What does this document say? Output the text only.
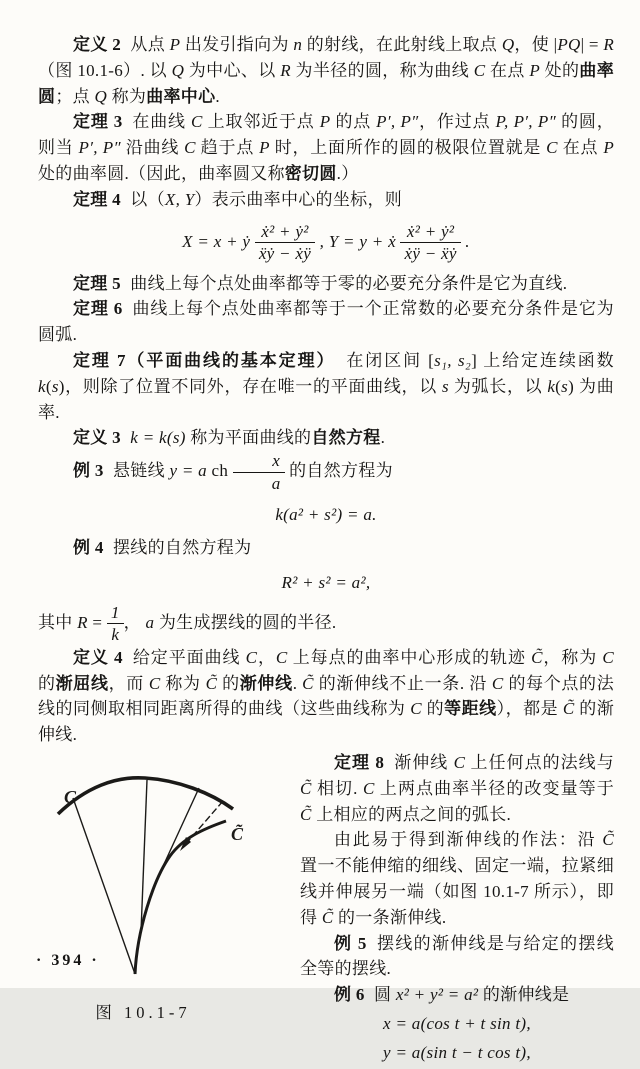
定义 2 从点 P 出发引指向为 n 的射线，在此射线上取点 Q，使 |PQ| = R（图 10.1-6）. 以 Q 为中心、以 R 为半径的圆，称为曲线 C 在点 P 处的曲率圆；点 Q 称为曲率中心.
定理 3 在曲线 C 上取邻近于点 P 的点 P′, P″，作过点 P, P′, P″ 的圆，则当 P′, P″ 沿曲线 C 趋于点 P 时，上面所作的圆的极限位置就是 C 在点 P 处的曲率圆.（因此，曲率圆又称密切圆.）
定理 4 以（X, Y）表示曲率中心的坐标，则
X = x + ẏ $\frac{\text{ẋ² + ẏ²}}{\text{ẍẏ − ẋÿ}}$ , Y = y + ẋ $\frac{\text{ẋ² + ẏ²}}{\text{ẋÿ − ẍẏ}}$ .
定理 5 曲线上每个点处曲率都等于零的必要充分条件是它为直线.
定理 6 曲线上每个点处曲率都等于一个正常数的必要充分条件是它为圆弧.
定理 7（平面曲线的基本定理） 在闭区间 [s₁, s₂] 上给定连续函数 k(s)，则除了位置不同外，存在唯一的平面曲线，以 s 为弧长，以 k(s) 为曲率.
定义 3 k = k(s) 称为平面曲线的自然方程.
例 3 悬链线 y = a ch $\frac{x}{a}$ 的自然方程为
k(a² + s²) = a.
例 4 摆线的自然方程为
R² + s² = a²,
其中 $R = \frac{1}{k}$ ， a 为生成摆线的圆的半径.
定义 4 给定平面曲线 C，C 上每点的曲率中心形成的轨迹 C̃，称为 C 的渐屈线，而 C 称为 C̃ 的渐伸线. C̃ 的渐伸线不止一条. 沿 C 的每个点的法线的同侧取相同距离所得的曲线（这些曲线称为 C 的等距线），都是 C̃ 的渐伸线.
C
C̃
图 10.1-7
定理 8 渐伸线 C 上任何点的法线与 C̃ 相切. C 上两点曲率半径的改变量等于 C̃ 上相应的两点之间的弧长.
由此易于得到渐伸线的作法：沿 C̃ 置一不能伸缩的细线、固定一端，拉紧细线并伸展另一端（如图 10.1-7 所示），即得 C̃ 的一条渐伸线.
例 5 摆线的渐伸线是与给定的摆线全等的摆线.
例 6 圆 x² + y² = a² 的渐伸线是
x = a(cos t + t sin t),
y = a(sin t − t cos t),
· 394 ·
